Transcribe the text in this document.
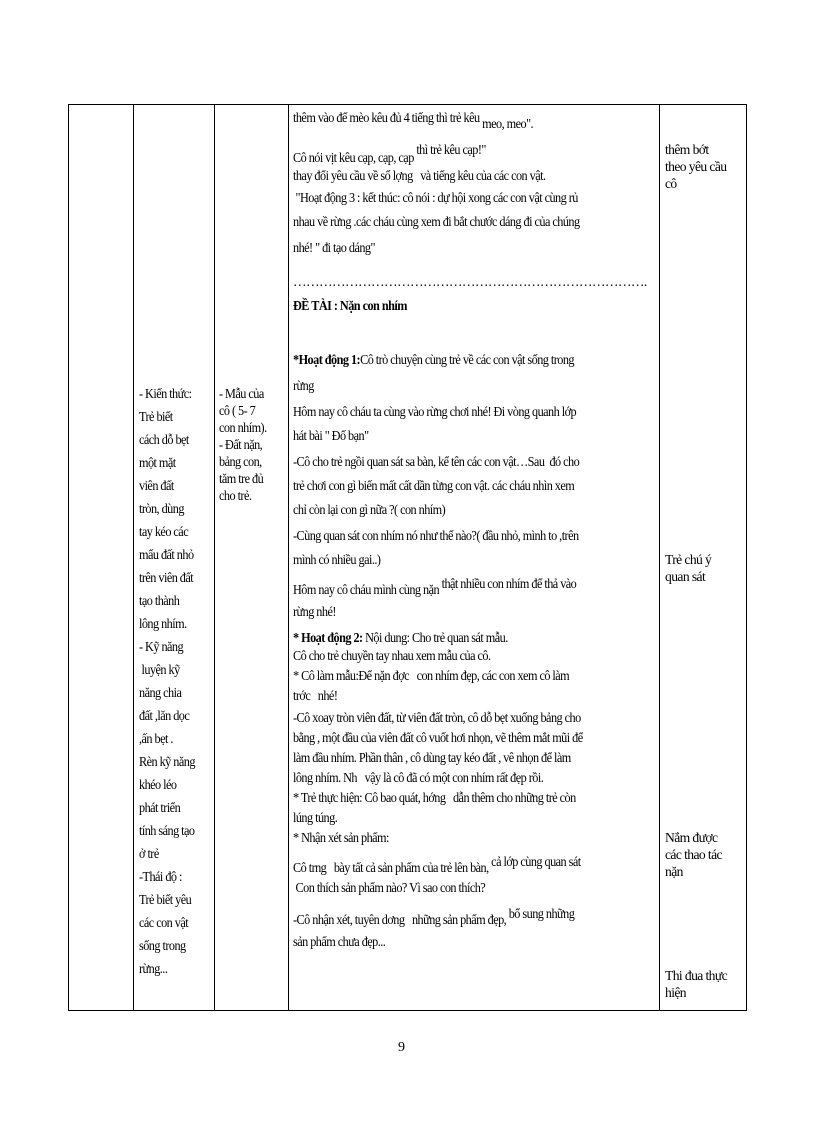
- Kiến thức:
Trẻ biết
cách dỗ bẹt
một mặt
viên đất
tròn, dùng
tay kéo các
mẩu đất nhỏ
trên viên đất
tạo thành
lông nhím.
- Kỹ năng
luyện kỹ
năng chia
đất ,lăn dọc
,ấn bẹt .
Rèn kỹ năng
khéo léo
phát triển
tính sáng tạo
ở trẻ
-Thái độ :
Trẻ biết yêu
các con vật
sống trong
rừng...

- Mẫu của
cô ( 5- 7
con nhím).
- Đất nặn,
bảng con,
tăm tre đủ
cho trẻ.

thêm vào để mèo kêu đủ 4 tiếng thì trẻ kêu meo, meo".
Cô nói vịt kêu cạp, cạp, cạp thì trẻ kêu cạp!"
thay đổi yêu cầu về số lợng   và tiếng kêu của các con vật.
"Hoạt động 3 : kết thúc: cô nói : dự hội xong các con vật cùng rủ
nhau về rừng .các cháu cùng xem đi bắt chước dáng đi của chúng
nhé! " đi tạo dáng"
……………………………………………………………………….
ĐỀ TÀI : Nặn con nhím
*Hoạt động 1:Cô trò chuyện cùng trẻ về các con vật sống trong
rừng
Hôm nay cô cháu ta cùng vào rừng chơi nhé! Đi vòng quanh lớp
hát bài " Đố bạn"
-Cô cho trẻ ngồi quan sát sa bàn, kể tên các con vật…Sau  đó cho
trẻ chơi con gì biến mất cất dần từng con vật. các cháu nhìn xem
chỉ còn lại con gì nữa ?( con nhím)
-Cùng quan sát con nhím nó như thế nào?( đầu nhỏ, mình to ,trên
mình có nhiều gai..)
Hôm nay cô cháu mình cùng nặn thật nhiều con nhím để thả vào
rừng nhé!
* Hoạt động 2: Nội dung: Cho trẻ quan sát mẫu.
Cô cho trẻ chuyền tay nhau xem mẫu của cô.
* Cô làm mẫu:Để nặn đợc   con nhím đẹp, các con xem cô làm
trớc   nhé!
-Cô xoay tròn viên đất, từ viên đất tròn, cô dỗ bẹt xuống bảng cho
bằng , một đầu của viên đất cô vuốt hơi nhọn, vẽ thêm mắt mũi để
làm đầu nhím. Phần thân , cô dùng tay kéo đất , vê nhọn để làm
lông nhím. Nh   vậy là cô đã có một con nhím rất đẹp rồi.
* Trẻ thực hiện: Cô bao quát, hớng   dẫn thêm cho những trẻ còn
lúng túng.
* Nhận xét sản phẩm:
Cô trng   bày tất cả sản phẩm của trẻ lên bàn, cả lớp cùng quan sát
Con thích sản phẩm nào? Vì sao con thích?
-Cô nhận xét, tuyên dơng   những sản phẩm đẹp, bổ sung những
sản phẩm chưa đẹp...

thêm bớt
theo yêu cầu
cô

Trẻ chú ý
quan sát

Nắm được
các thao tác
nặn

Thi đua thực
hiện

9
